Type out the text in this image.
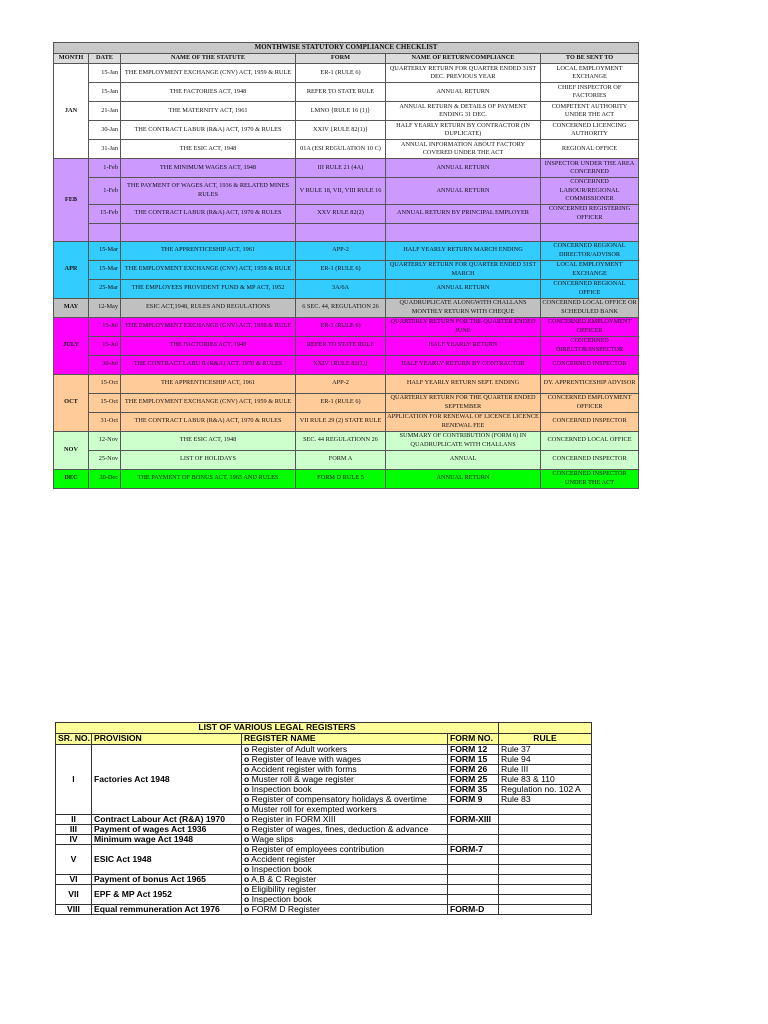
MONTHWISE STATUTORY COMPLIANCE CHECKLIST					
MONTH	DATE	NAME OF THE STATUTE	FORM	NAME OF RETURN/COMPLIANCE	TO BE SENT TO
JAN	15-Jan	THE EMPLOYMENT EXCHANGE (CNV) ACT, 1959 & RULE	ER-1 (RULE 6)	QUARTERLY RETURN FOR QUARTER ENDED 31ST DEC. PREVIOUS YEAR	LOCAL EMPLOYMENT EXCHANGE
	15-Jan	THE FACTORIES ACT, 1948	REFER TO STATE RULE	ANNUAL RETURN	CHIEF INSPECTOR OF FACTORIES
	21-Jan	THE MATERNITY ACT, 1961	LMNO {RULE 16 (1)}	ANNUAL RETURN & DETAILS OF PAYMENT ENDING 31 DEC.	COMPETENT AUTHORITY UNDER THE ACT
	30-Jan	THE CONTRACT LABUR (R&A) ACT, 1970 & RULES	XXIV {RULE 82(1)}	HALF YEARLY RETURN BY CONTRACTOR (IN DUPLICATE)	CONCERNED LICENCING AUTHORITY
	31-Jan	THE ESIC ACT, 1948	01A (ESI REGULATION 10 C)	ANNUAL INFORMATION ABOUT FACTORY COVERED UNDER THE ACT	REGIONAL OFFICE
FEB	1-Feb	THE MINIMUM WAGES ACT, 1948	III RULE 21 (4A)	ANNUAL RETURN	INSPECTOR UNDER THE AREA CONCERNED
	1-Feb	THE PAYMENT OF WAGES ACT, 1936 & RELATED MINES RULES	V RULE 18, VII, VIII RULE 16	ANNUAL RETURN	CONCERNED LABOUR/REGIONAL COMMISSIONER
	15-Feb	THE CONTRACT LABUR (R&A) ACT, 1970 & RULES	XXV RULE 82(2)	ANNUAL RETURN BY PRINCIPAL EMPLOYER	CONCERNED REGISTERING OFFICER

APR	15-Mar	THE APPRENTICESHIP ACT, 1961	APP-2	HALF YEARLY RETURN MARCH ENDING	CONCERNED REGIONAL DIRECTOR/ADVISOR
	15-Mar	THE EMPLOYMENT EXCHANGE (CNV) ACT, 1959 & RULE	ER-1 (RULE 6)	QUARTERLY RETURN FOR QUARTER ENDED 31ST MARCH	LOCAL EMPLOYMENT EXCHANGE
	25-Mar	THE EMPLOYEES PROVIDENT FUND & MP ACT, 1952	3A/6A	ANNUAL RETURN	CONCERNED REGIONAL OFFICE
MAY	12-May	ESIC ACT,1948, RULES AND REGULATIONS	6 SEC. 44, REGULATION 26	QUADRUPLICATE ALONGWITH CHALLANS MONTHLY RETURN WITH CHEQUE	CONCERNED LOCAL OFFICE OR SCHEDULED BANK
JULY	15-Jul	THE EMPLOYMENT EXCHANGE (CNV) ACT, 1959 & RULE	ER-1 (RULE 6)	QUARTERLY RETURN FOR THE QUARTER ENDED JUNE	CONCERNED EMPLOYMENT OFFICER
	15-Jul	THE FACTORIES ACT, 1948	REFER TO STATE RULE	HALF YEARLY RETURN	CONCERNED DIRECTOR/INSPECTOR
	30-Jul	THE CONTRACT LABU R (R&A) ACT, 1970 & RULES	XXIV {RULE 82(1)}	HALF YEARLY RETURN BY CONTRACTOR	CONCERNED INSPECTOR
OCT	15-Oct	THE APPRENTICESHIP ACT, 1961	APP-2	HALF YEARLY RETURN SEPT. ENDING	DY. APPRENTICESHIP ADVISOR
	15-Oct	THE EMPLOYMENT EXCHANGE (CNV) ACT, 1959 & RULE	ER-1 (RULE 6)	QUARTERLY RETURN FOR THE QUARTER ENDED SEPTEMBER	CONCERNED EMPLOYMENT OFFICER
	31-Oct	THE CONTRACT LABUR (R&A) ACT, 1970 & RULES	VII RULE 29 (2) STATE RULE	APPLICATION FOR RENEWAL OF LICENCE LICENCE RENEWAL FEE	CONCERNED INSPECTOR
NOV	12-Nov	THE ESIC ACT, 1948	SEC. 44 REGULATIONN 26	SUMMARY OF CONTRIBUTION (FORM 6) IN QUADRUPLICATE WITH CHALLANS	CONCERNED LOCAL OFFICE
	25-Nov	LIST OF HOLIDAYS	FORM A	ANNUAL	CONCERNED INSPECTOR
DEC	30-Dec	THE PAYMENT OF BONUS ACT, 1965 AND RULES	FORM D RULE 5	ANNUAL RETURN	CONCERNED INSPECTOR UNDER THE ACT
LIST OF VARIOUS LEGAL REGISTERS				
SR. NO.	PROVISION	REGISTER NAME	FORM NO.	RULE
I	Factories Act 1948	o Register of Adult workers	FORM 12	Rule 37
		o Register of leave with wages	FORM 15	Rule 94
		o Accident register with forms	FORM 26	Rule III
		o Muster roll & wage register	FORM 25	Rule 83 & 110
		o Inspection book	FORM 35	Regulation no. 102 A
		o Register of compensatory holidays & overtime	FORM 9	Rule 83
		o Muster roll for exempted workers		
II	Contract Labour Act (R&A) 1970	o Register in FORM XIII	FORM-XIII	
III	Payment of wages Act 1936	o Register of wages, fines, deduction & advance		
IV	Minimum wage Act 1948	o Wage slips		
V	ESIC Act 1948	o Register of employees contribution	FORM-7	
		o Accident register		
		o Inspection book		
VI	Payment of bonus Act 1965	o A,B & C Register		
VII	EPF & MP Act 1952	o Eligibility register		
		o Inspection book		
VIII	Equal remmuneration Act 1976	o FORM D Register	FORM-D	
